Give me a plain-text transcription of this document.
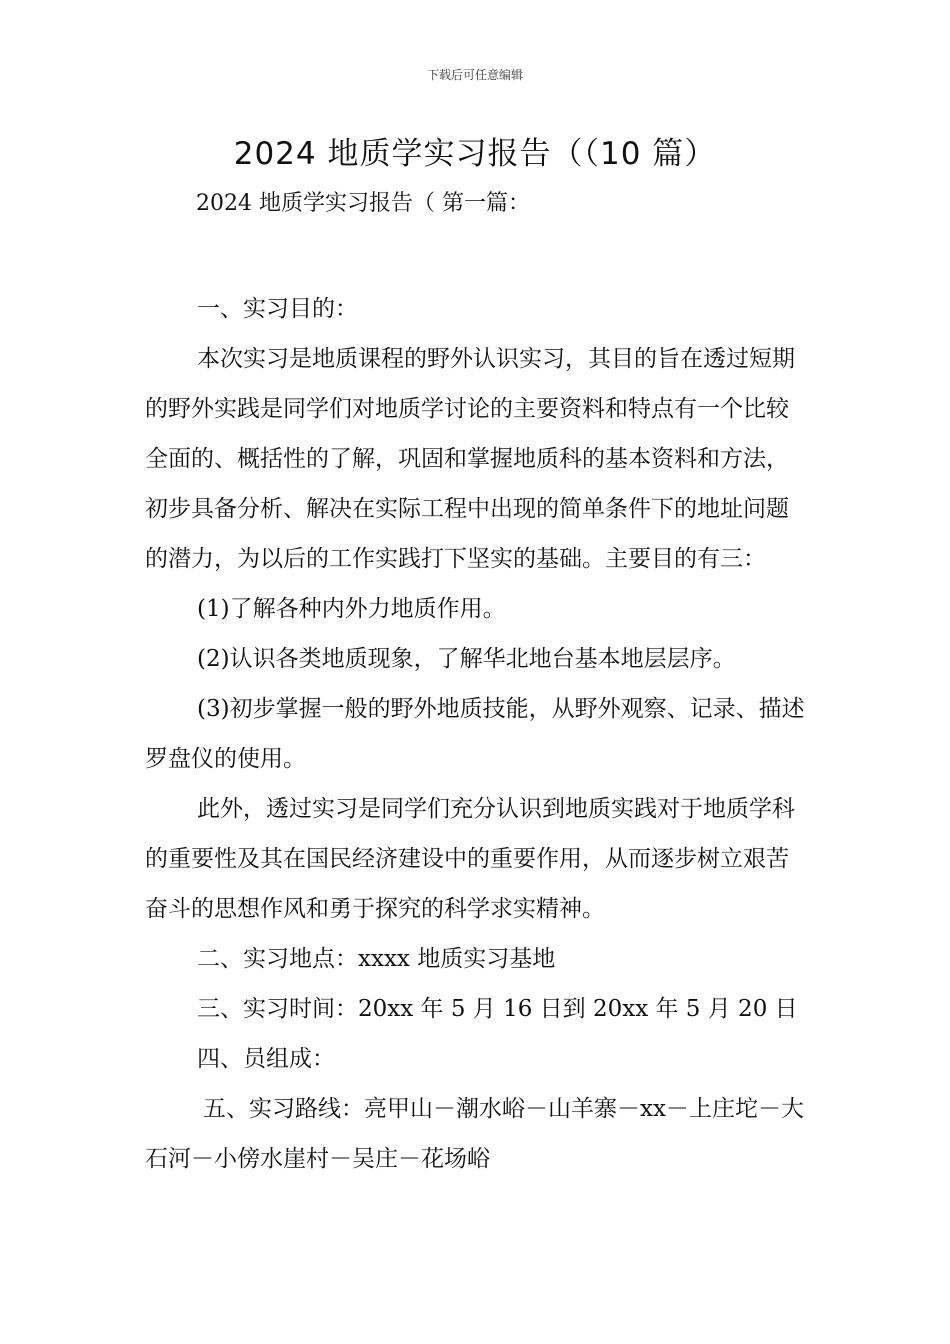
下载后可任意编辑
2024 地质学实习报告（（10 篇）
2024 地质学实习报告（ 第一篇：

一、实习目的：

本次实习是地质课程的野外认识实习，其目的旨在透过短期的野外实践是同学们对地质学讨论的主要资料和特点有一个比较全面的、概括性的了解，巩固和掌握地质科的基本资料和方法，初步具备分析、解决在实际工程中出现的简单条件下的地址问题的潜力，为以后的工作实践打下坚实的基础。主要目的有三：

(1)了解各种内外力地质作用。

(2)认识各类地质现象，了解华北地台基本地层层序。

(3)初步掌握一般的野外地质技能，从野外观察、记录、描述罗盘仪的使用。

此外，透过实习是同学们充分认识到地质实践对于地质学科的重要性及其在国民经济建设中的重要作用，从而逐步树立艰苦奋斗的思想作风和勇于探究的科学求实精神。

二、实习地点：xxxx 地质实习基地

三、实习时间：20xx 年 5 月 16 日到 20xx 年 5 月 20 日

四、员组成：

五、实习路线：亮甲山－潮水峪－山羊寨－xx－上庄坨－大石河－小傍水崖村－吴庄－花场峪
